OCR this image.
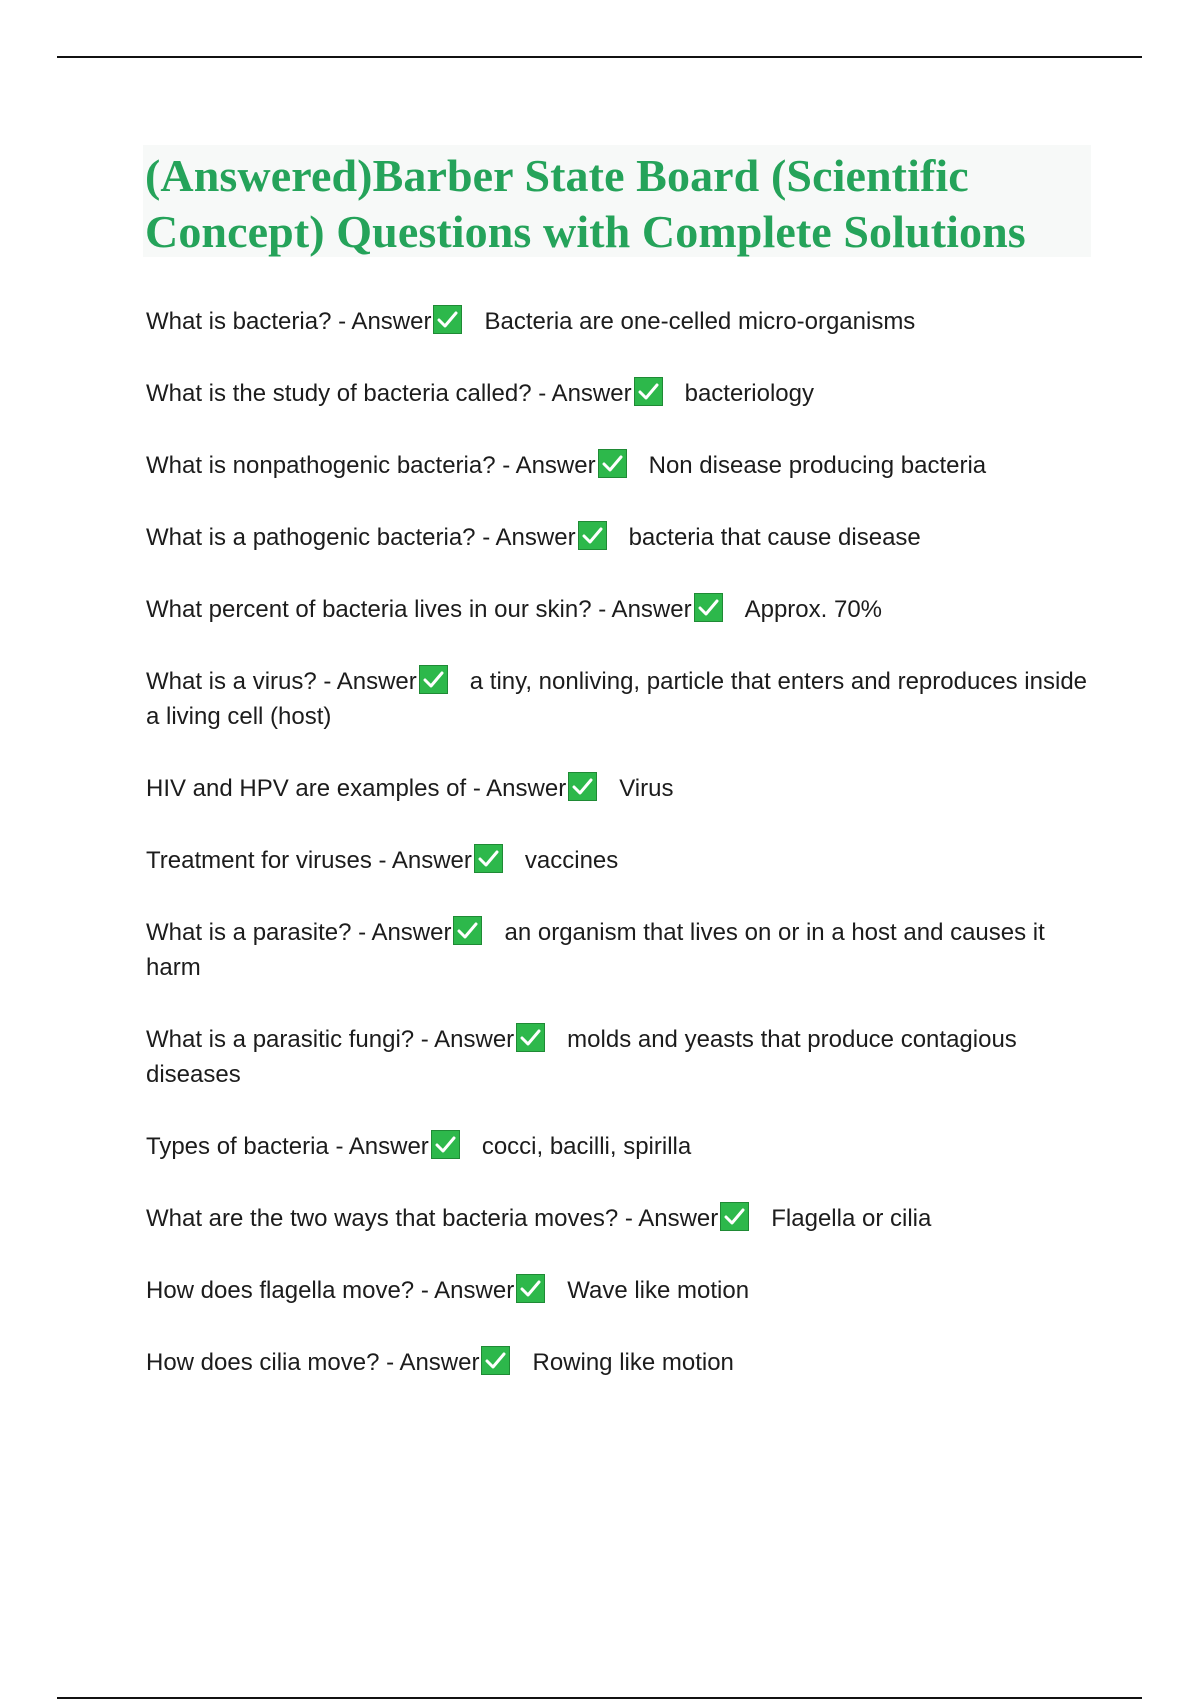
(Answered)Barber State Board (Scientific Concept) Questions with Complete Solutions
What is bacteria? - Answer Bacteria are one-celled micro-organisms
What is the study of bacteria called? - Answer bacteriology
What is nonpathogenic bacteria? - Answer Non disease producing bacteria
What is a pathogenic bacteria? - Answer bacteria that cause disease
What percent of bacteria lives in our skin? - Answer Approx. 70%
What is a virus? - Answer a tiny, nonliving, particle that enters and reproduces inside a living cell (host)
HIV and HPV are examples of - Answer Virus
Treatment for viruses - Answer vaccines
What is a parasite? - Answer an organism that lives on or in a host and causes it harm
What is a parasitic fungi? - Answer molds and yeasts that produce contagious diseases
Types of bacteria - Answer cocci, bacilli, spirilla
What are the two ways that bacteria moves? - Answer Flagella or cilia
How does flagella move? - Answer Wave like motion
How does cilia move? - Answer Rowing like motion
